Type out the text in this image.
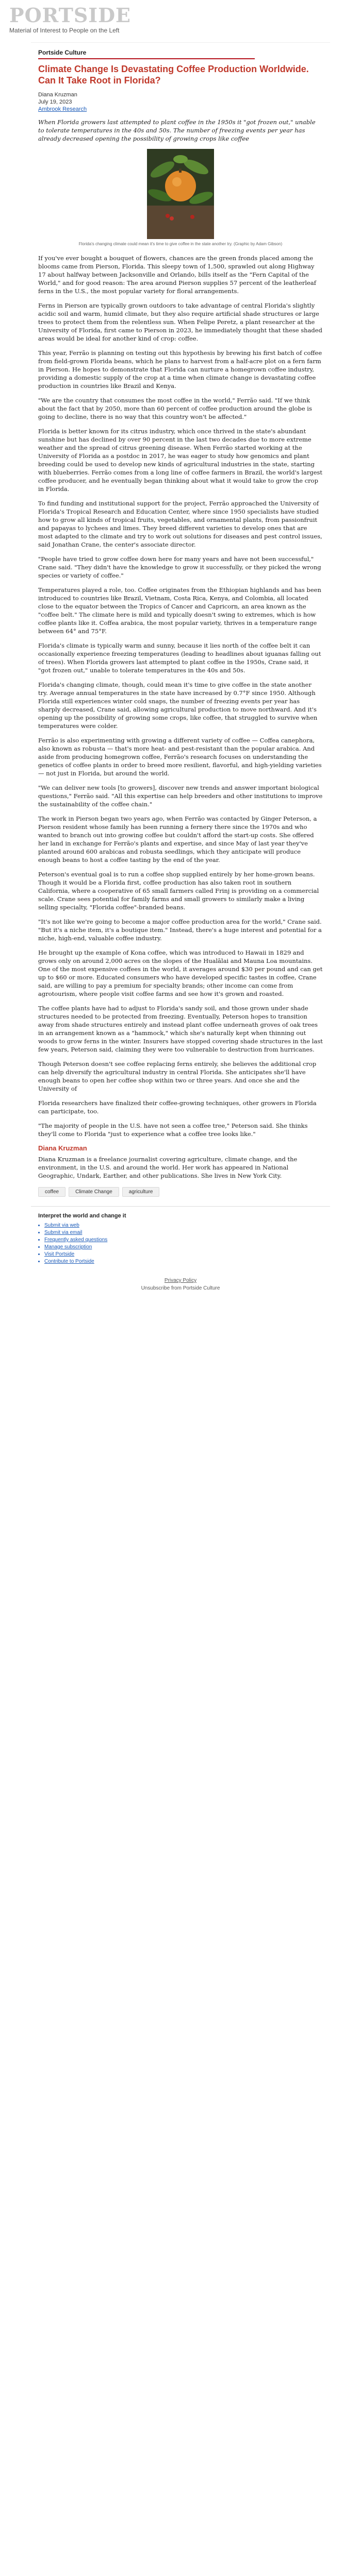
PORTSIDE
Material of Interest to People on the Left
Portside Culture
Climate Change Is Devastating Coffee Production Worldwide. Can It Take Root in Florida?
Diana Kruzman
July 19, 2023
Ambrook Research

When Florida growers last attempted to plant coffee in the 1950s it "got frozen out," unable to tolerate temperatures in the 40s and 50s. The number of freezing events per year has already decreased opening the possibility of growing crops like coffee

Florida's changing climate could mean it's time to give coffee in the state another try. (Graphic by Adam Gibson)

If you've ever bought a bouquet of flowers, chances are the green fronds placed among the blooms came from Pierson, Florida. This sleepy town of 1,500, sprawled out along Highway 17 about halfway between Jacksonville and Orlando, bills itself as the "Fern Capital of the World," and for good reason: The area around Pierson supplies 57 percent of the leatherleaf ferns in the U.S., the most popular variety for floral arrangements.

Ferns in Pierson are typically grown outdoors to take advantage of central Florida's slightly acidic soil and warm, humid climate, but they also require artificial shade structures or large trees to protect them from the relentless sun. When Felipe Peretz, a plant researcher at the University of Florida, first came to Pierson in 2023, he immediately thought that these shaded areas would be ideal for another kind of crop: coffee.

This year, Ferrão is planning on testing out this hypothesis by brewing his first batch of coffee from field-grown Florida beans, which he plans to harvest from a half-acre plot on a fern farm in Pierson. He hopes to demonstrate that Florida can nurture a homegrown coffee industry, providing a domestic supply of the crop at a time when climate change is devastating coffee production in countries like Brazil and Kenya.

"We are the country that consumes the most coffee in the world," Ferrão said. "If we think about the fact that by 2050, more than 60 percent of coffee production around the globe is going to decline, there is no way that this country won't be affected."

Florida is better known for its citrus industry, which once thrived in the state's abundant sunshine but has declined by over 90 percent in the last two decades due to more extreme weather and the spread of citrus greening disease. When Ferrão started working at the University of Florida as a postdoc in 2017, he was eager to study how genomics and plant breeding could be used to develop new kinds of agricultural industries in the state, starting with blueberries. Ferrão comes from a long line of coffee farmers in Brazil, the world's largest coffee producer, and he eventually began thinking about what it would take to grow the crop in Florida.

To find funding and institutional support for the project, Ferrão approached the University of Florida's Tropical Research and Education Center, where since 1950 specialists have studied how to grow all kinds of tropical fruits, vegetables, and ornamental plants, from passionfruit and papayas to lychees and limes. They breed different varieties to develop ones that are most adapted to the climate and try to work out solutions for diseases and pest control issues, said Jonathan Crane, the center's associate director.

"People have tried to grow coffee down here for many years and have not been successful," Crane said. "They didn't have the knowledge to grow it successfully, or they picked the wrong species or variety of coffee."

Temperatures played a role, too. Coffee originates from the Ethiopian highlands and has been introduced to countries like Brazil, Vietnam, Costa Rica, Kenya, and Colombia, all located close to the equator between the Tropics of Cancer and Capricorn, an area known as the "coffee belt." The climate here is mild and typically doesn't swing to extremes, which is how coffee plants like it. Coffea arabica, the most popular variety, thrives in a temperature range between 64° and 75°F.

Florida's climate is typically warm and sunny, because it lies north of the coffee belt it can occasionally experience freezing temperatures (leading to headlines about iguanas falling out of trees). When Florida growers last attempted to plant coffee in the 1950s, Crane said, it "got frozen out," unable to tolerate temperatures in the 40s and 50s.

Florida's changing climate, though, could mean it's time to give coffee in the state another try. Average annual temperatures in the state have increased by 0.7°F since 1950. Although Florida still experiences winter cold snaps, the number of freezing events per year has sharply decreased, Crane said, allowing agricultural production to move northward. And it's opening up the possibility of growing some crops, like coffee, that struggled to survive when temperatures were colder.

Ferrão is also experimenting with growing a different variety of coffee — Coffea canephora, also known as robusta — that's more heat- and pest-resistant than the popular arabica. And aside from producing homegrown coffee, Ferrão's research focuses on understanding the genetics of coffee plants in order to breed more resilient, flavorful, and high-yielding varieties — not just in Florida, but around the world.

"We can deliver new tools [to growers], discover new trends and answer important biological questions," Ferrão said. "All this expertise can help breeders and other institutions to improve the sustainability of the coffee chain."

The work in Pierson began two years ago, when Ferrão was contacted by Ginger Peterson, a Pierson resident whose family has been running a fernery there since the 1970s and who wanted to branch out into growing coffee but couldn't afford the start-up costs. She offered her land in exchange for Ferrão's plants and expertise, and since May of last year they've planted around 600 arabicas and robusta seedlings, which they anticipate will produce enough beans to host a coffee tasting by the end of the year.

Peterson's eventual goal is to run a coffee shop supplied entirely by her home-grown beans. Though it would be a Florida first, coffee production has also taken root in southern California, where a cooperative of 65 small farmers called Frinj is providing on a commercial scale. Crane sees potential for family farms and small growers to similarly make a living selling specialty, "Florida coffee"-branded beans.

"It's not like we're going to become a major coffee production area for the world," Crane said. "But it's a niche item, it's a boutique item." Instead, there's a huge interest and potential for a niche, high-end, valuable coffee industry.

He brought up the example of Kona coffee, which was introduced to Hawaii in 1829 and grows only on around 2,000 acres on the slopes of the Hualālai and Mauna Loa mountains. One of the most expensive coffees in the world, it averages around $30 per pound and can get up to $60 or more. Educated consumers who have developed specific tastes in coffee, Crane said, are willing to pay a premium for specialty brands; other income can come from agrotourism, where people visit coffee farms and see how it's grown and roasted.

The coffee plants have had to adjust to Florida's sandy soil, and those grown under shade structures needed to be protected from freezing. Eventually, Peterson hopes to transition away from shade structures entirely and instead plant coffee underneath groves of oak trees in an arrangement known as a "hammock," which she's naturally kept when thinning out woods to grow ferns in the winter. Insurers have stopped covering shade structures in the last few years, Peterson said, claiming they were too vulnerable to destruction from hurricanes.

Though Peterson doesn't see coffee replacing ferns entirely, she believes the additional crop can help diversify the agricultural industry in central Florida. She anticipates she'll have enough beans to open her coffee shop within two or three years. And once she and the University of

Florida researchers have finalized their coffee-growing techniques, other growers in Florida can participate, too.

"The majority of people in the U.S. have not seen a coffee tree," Peterson said. She thinks they'll come to Florida "just to experience what a coffee tree looks like."

Diana Kruzman

Diana Kruzman is a freelance journalist covering agriculture, climate change, and the environment, in the U.S. and around the world. Her work has appeared in National Geographic, Undark, Earther, and other publications. She lives in New York City.

coffee	Climate Change	agriculture
Interpret the world and change it
• Submit via web
• Submit via email
• Frequently asked questions
• Manage subscription
• Visit Portside
• Contribute to Portside
Privacy Policy
Unsubscribe from Portside Culture
